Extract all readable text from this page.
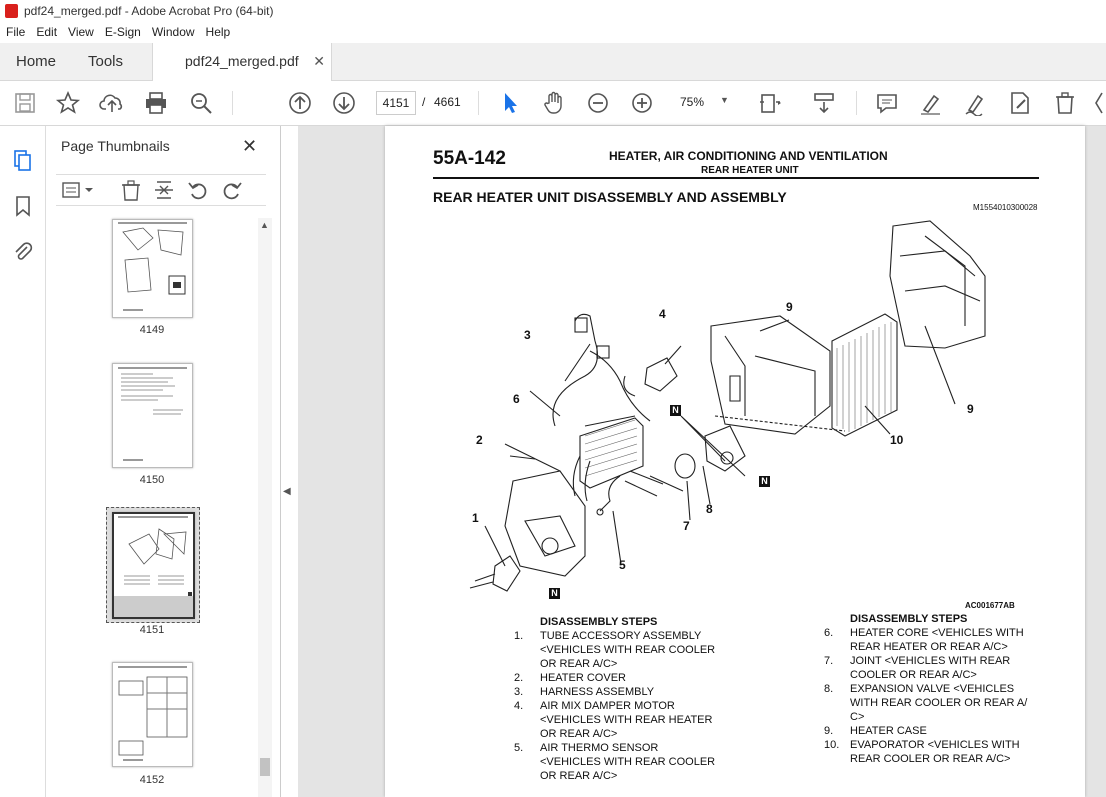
pdf24_merged.pdf - Adobe Acrobat Pro (64-bit)
File Edit View E-Sign Window Help
Home Tools	pdf24_merged.pdf ✕
4151	/ 4661	75% ▼
Page Thumbnails	✕
4149
4150
4151
4152
▲
◀
55A-142	HEATER, AIR CONDITIONING AND VENTILATION
REAR HEATER UNIT
REAR HEATER UNIT DISASSEMBLY AND ASSEMBLY
M1554010300028
3
4
6
2
1
5
7
8
9
9
10
N
N
N
AC001677AB
DISASSEMBLY STEPS
1. TUBE ACCESSORY ASSEMBLY
<VEHICLES WITH REAR COOLER
OR REAR A/C>
2. HEATER COVER
3. HARNESS ASSEMBLY
4. AIR MIX DAMPER MOTOR
<VEHICLES WITH REAR HEATER
OR REAR A/C>
5. AIR THERMO SENSOR
<VEHICLES WITH REAR COOLER
OR REAR A/C>
DISASSEMBLY STEPS
6. HEATER CORE <VEHICLES WITH
REAR HEATER OR REAR A/C>
7. JOINT <VEHICLES WITH REAR
COOLER OR REAR A/C>
8. EXPANSION VALVE <VEHICLES
WITH REAR COOLER OR REAR A/
C>
9. HEATER CASE
10. EVAPORATOR <VEHICLES WITH
REAR COOLER OR REAR A/C>
